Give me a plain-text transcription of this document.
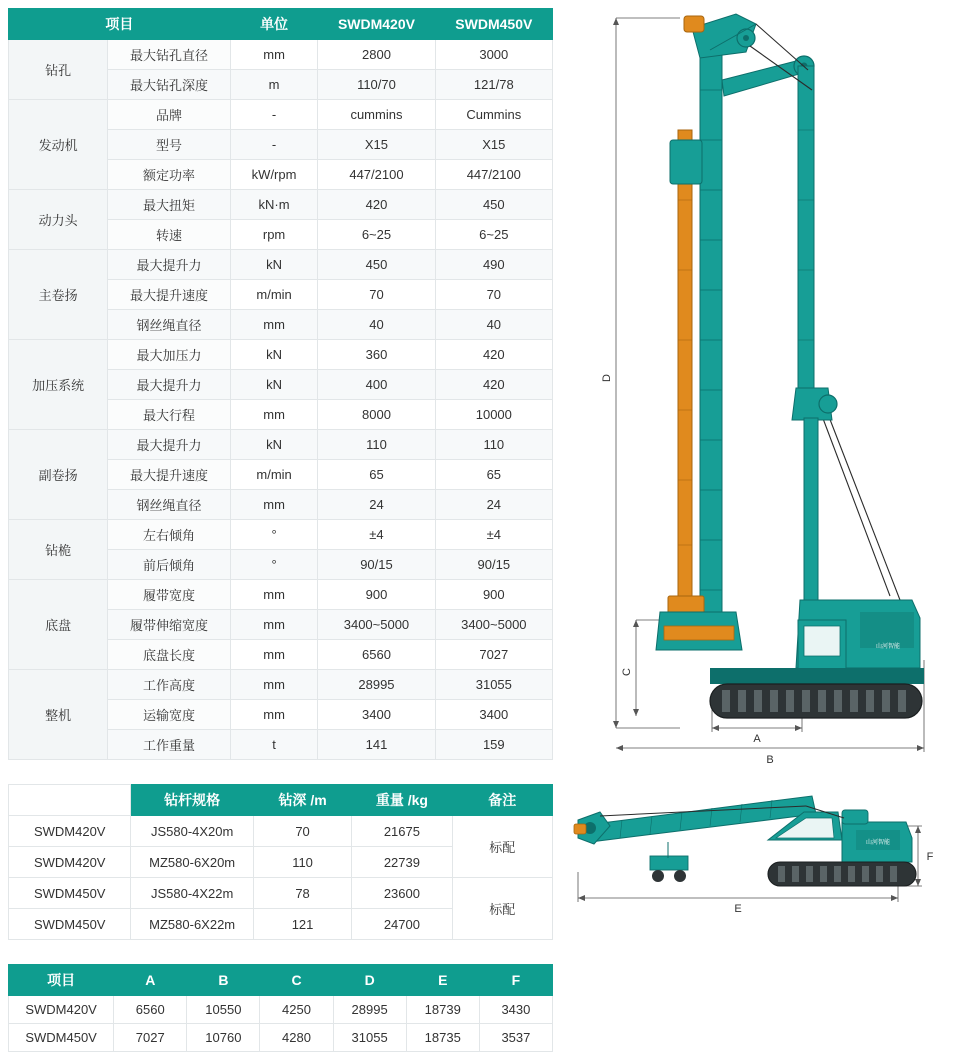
项目		单位	SWDM420V	SWDM450V
钻孔	最大钻孔直径	mm	2800	3000
	最大钻孔深度	m	110/70	121/78
发动机	品牌	-	cummins	Cummins
	型号	-	X15	X15
	额定功率	kW/rpm	447/2100	447/2100
动力头	最大扭矩	kN·m	420	450
	转速	rpm	6~25	6~25
主卷扬	最大提升力	kN	450	490
	最大提升速度	m/min	70	70
	钢丝绳直径	mm	40	40
加压系统	最大加压力	kN	360	420
	最大提升力	kN	400	420
	最大行程	mm	8000	10000
副卷扬	最大提升力	kN	110	110
	最大提升速度	m/min	65	65
	钢丝绳直径	mm	24	24
钻桅	左右倾角	°	±4	±4
	前后倾角	°	90/15	90/15
底盘	履带宽度	mm	900	900
	履带伸缩宽度	mm	3400~5000	3400~5000
	底盘长度	mm	6560	7027
整机	工作高度	mm	28995	31055
	运输宽度	mm	3400	3400
	工作重量	t	141	159
	钻杆规格	钻深 /m	重量 /kg	备注
SWDM420V	JS580-4X20m	70	21675	标配
SWDM420V	MZ580-6X20m	110	22739	
SWDM450V	JS580-4X22m	78	23600	标配
SWDM450V	MZ580-6X22m	121	24700	
项目	A	B	C	D	E	F
SWDM420V	6560	10550	4250	28995	18739	3430
SWDM450V	7027	10760	4280	31055	18735	3537
D
C
A
B
山河智能
E
F
山河智能
